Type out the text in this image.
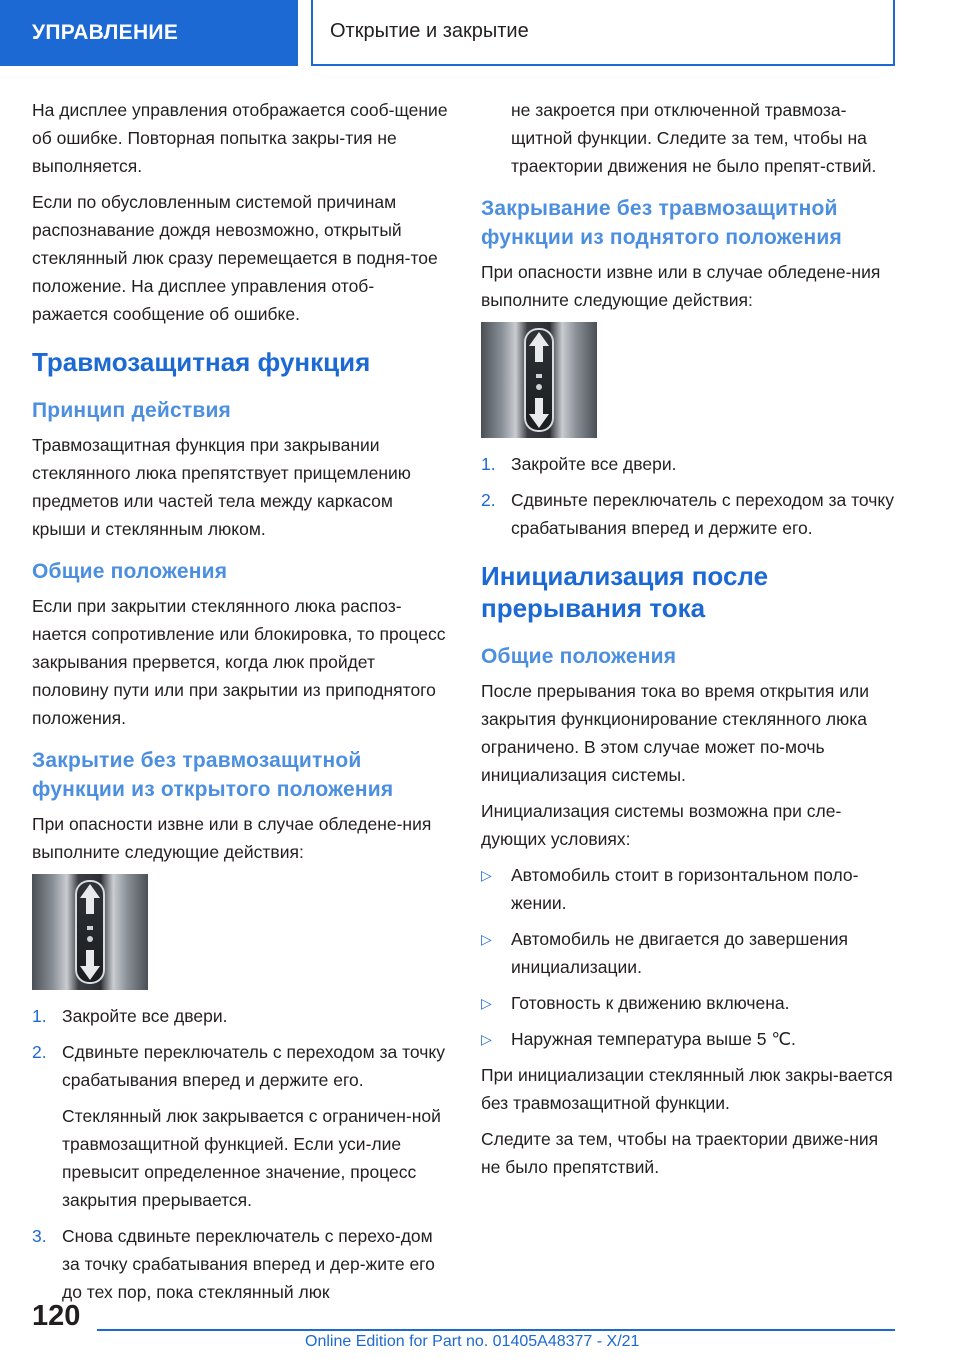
УПРАВЛЕНИЕ	Открытие и закрытие

На дисплее управления отображается сооб-щение об ошибке. Повторная попытка закры-тия не выполняется.

Если по обусловленным системой причинам распознавание дождя невозможно, открытый стеклянный люк сразу перемещается в подня-тое положение. На дисплее управления отоб-ражается сообщение об ошибке.

Травмозащитная функция
Принцип действия

Травмозащитная функция при закрывании стеклянного люка препятствует прищемлению предметов или частей тела между каркасом крыши и стеклянным люком.

Общие положения

Если при закрытии стеклянного люка распоз-нается сопротивление или блокировка, то процесс закрывания прервется, когда люк пройдет половину пути или при закрытии из приподнятого положения.

Закрытие без травмозащитной функции из открытого положения

При опасности извне или в случае обледене-ния выполните следующие действия:

1. Закройте все двери.
2. Сдвиньте переключатель с переходом за точку срабатывания вперед и держите его.
Стеклянный люк закрывается с ограничен-ной травмозащитной функцией. Если уси-лие превысит определенное значение, процесс закрытия прерывается.
3. Снова сдвиньте переключатель с перехо-дом за точку срабатывания вперед и дер-жите его до тех пор, пока стеклянный люк

не закроется при отключенной травмоза-щитной функции. Следите за тем, чтобы на траектории движения не было препят-ствий.

Закрывание без травмозащитной функции из поднятого положения

При опасности извне или в случае обледене-ния выполните следующие действия:

1. Закройте все двери.
2. Сдвиньте переключатель с переходом за точку срабатывания вперед и держите его.
Инициализация после прерывания тока
Общие положения

После прерывания тока во время открытия или закрытия функционирование стеклянного люка ограничено. В этом случае может по-мочь инициализация системы.

Инициализация системы возможна при сле-дующих условиях:

▷ Автомобиль стоит в горизонтальном поло-жении.
▷ Автомобиль не двигается до завершения инициализации.
▷ Готовность к движению включена.
▷ Наружная температура выше 5 ℃.

При инициализации стеклянный люк закры-вается без травмозащитной функции.

Следите за тем, чтобы на траектории движе-ния не было препятствий.

120
Online Edition for Part no. 01405A48377 - X/21
